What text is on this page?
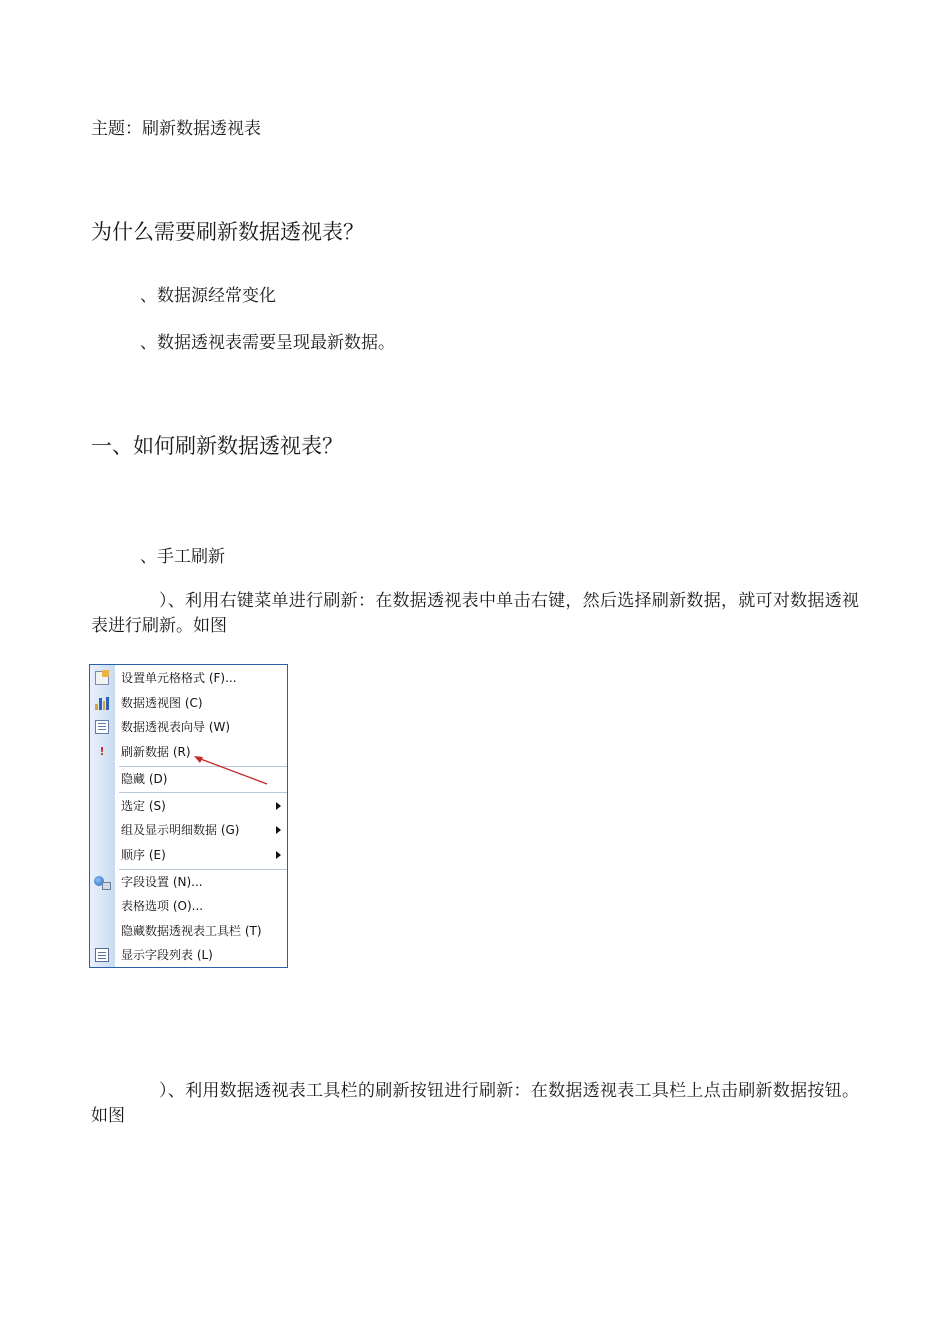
主题：刷新数据透视表

为什么需要刷新数据透视表？

、数据源经常变化

、数据透视表需要呈现最新数据。

一、如何刷新数据透视表？

、手工刷新

）、利用右键菜单进行刷新：在数据透视表中单击右键，然后选择刷新数据，就可对数据透视表进行刷新。如图

设置单元格格式 (F)...
数据透视图 (C)
数据透视表向导 (W)
!	刷新数据 (R)
隐藏 (D)
选定 (S)
组及显示明细数据 (G)
顺序 (E)
字段设置 (N)...
表格选项 (O)...
隐藏数据透视表工具栏 (T)
显示字段列表 (L)

）、利用数据透视表工具栏的刷新按钮进行刷新：在数据透视表工具栏上点击刷新数据按钮。如图
